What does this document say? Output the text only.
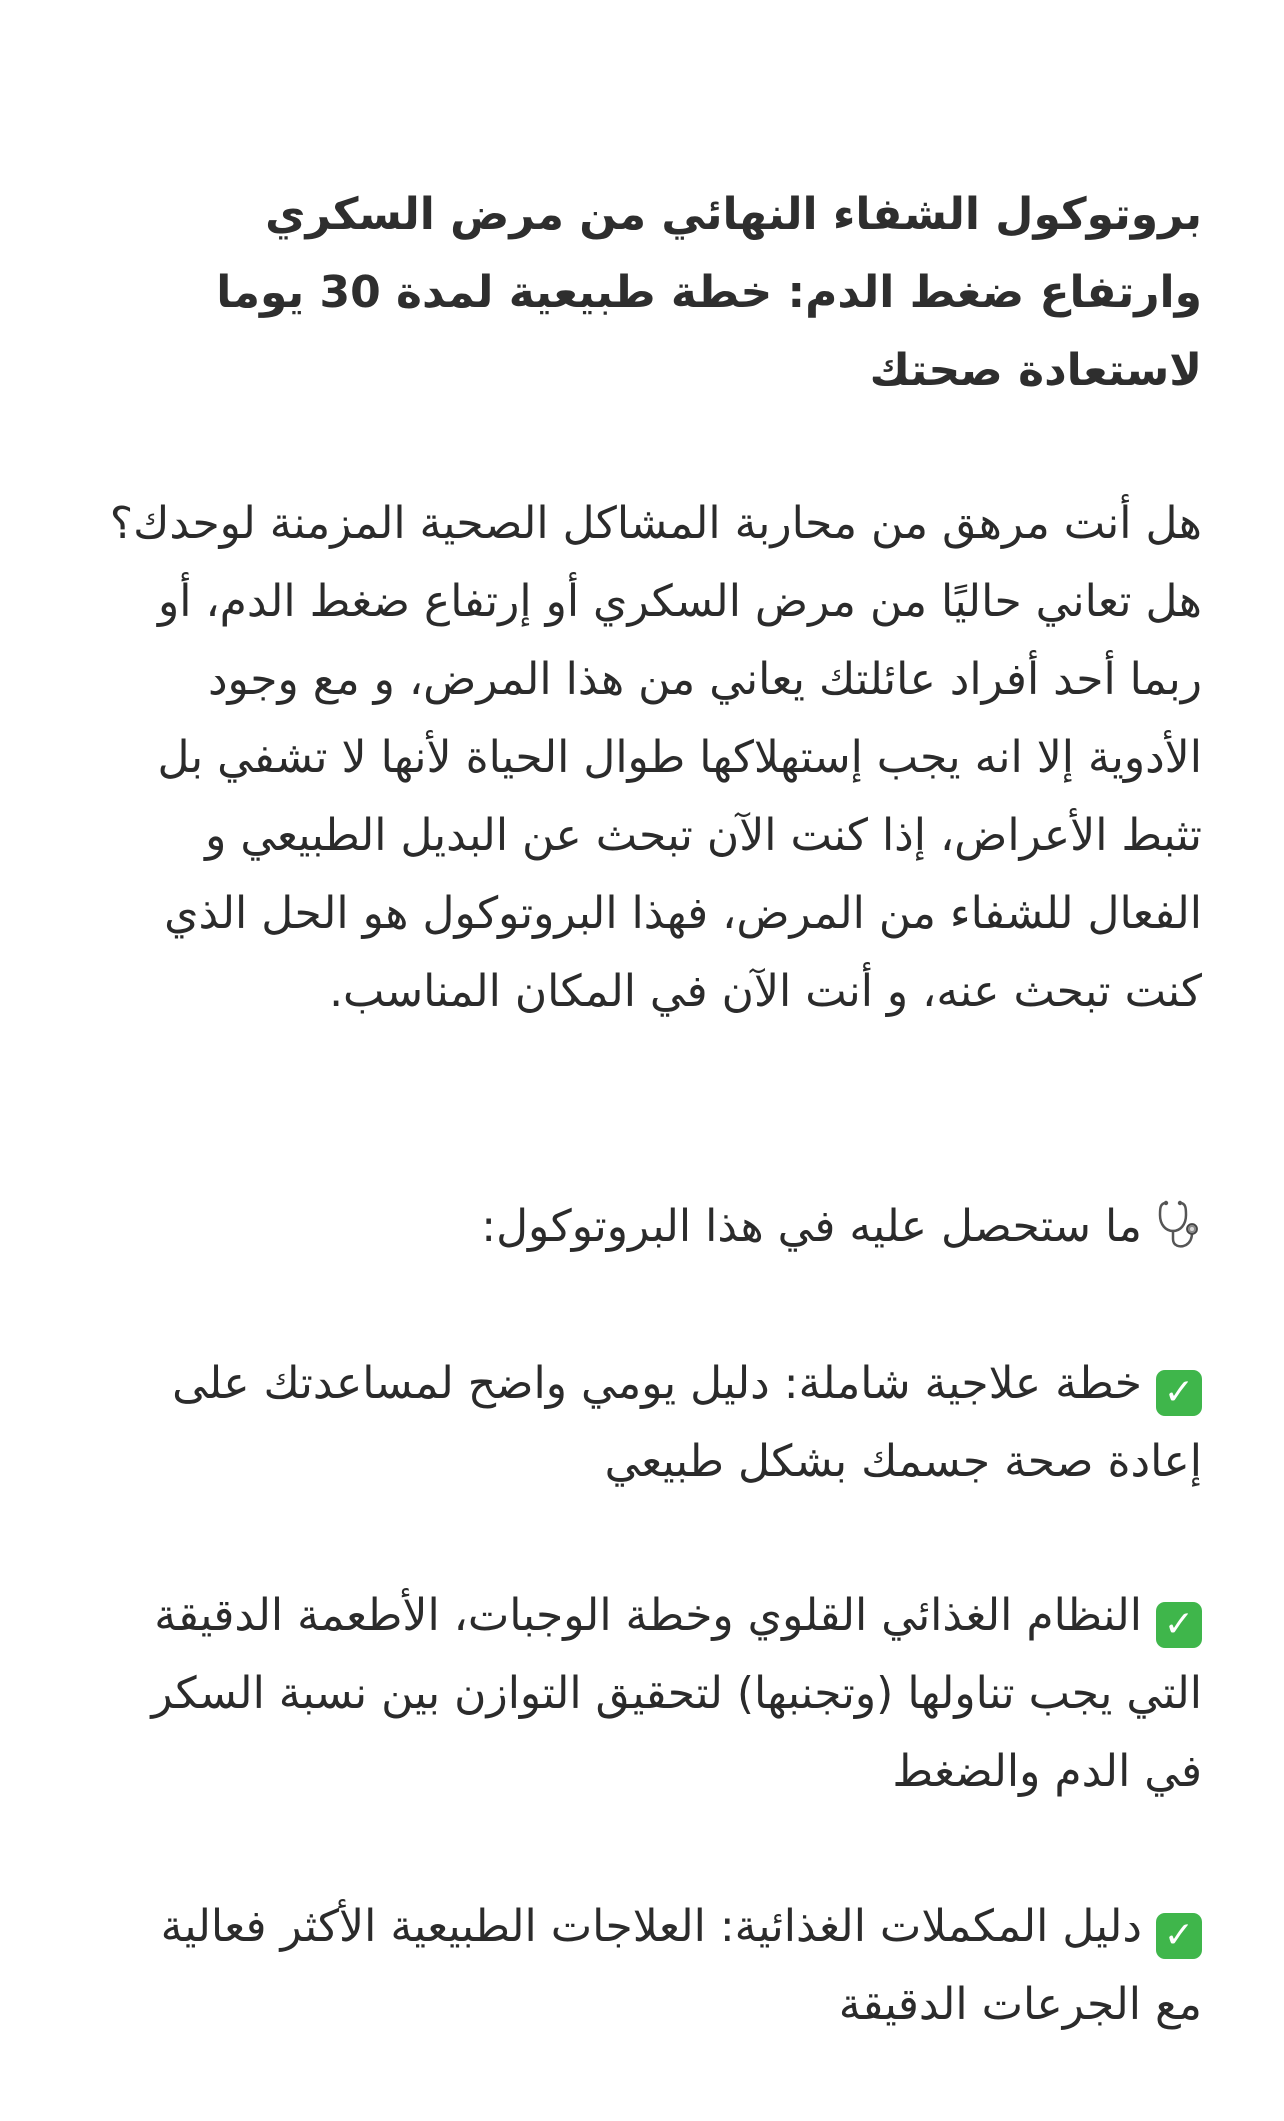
بروتوكول الشفاء النهائي من مرض السكري وارتفاع ضغط الدم: خطة طبيعية لمدة 30 يوما لاستعادة صحتك

هل أنت مرهق من محاربة المشاكل الصحية المزمنة لوحدك؟ هل تعاني حاليًا من مرض السكري أو إرتفاع ضغط الدم، أو ربما أحد أفراد عائلتك يعاني من هذا المرض، و مع وجود الأدوية إلا انه يجب إستهلاكها طوال الحياة لأنها لا تشفي بل تثبط الأعراض، إذا كنت الآن تبحث عن البديل الطبيعي و الفعال للشفاء من المرض، فهذا البروتوكول هو الحل الذي كنت تبحث عنه، و أنت الآن في المكان المناسب.

ما ستحصل عليه في هذا البروتوكول:

✓خطة علاجية شاملة: دليل يومي واضح لمساعدتك على إعادة صحة جسمك بشكل طبيعي

✓النظام الغذائي القلوي وخطة الوجبات، الأطعمة الدقيقة التي يجب تناولها (وتجنبها) لتحقيق التوازن بين نسبة السكر في الدم والضغط

✓دليل المكملات الغذائية: العلاجات الطبيعية الأكثر فعالية مع الجرعات الدقيقة
